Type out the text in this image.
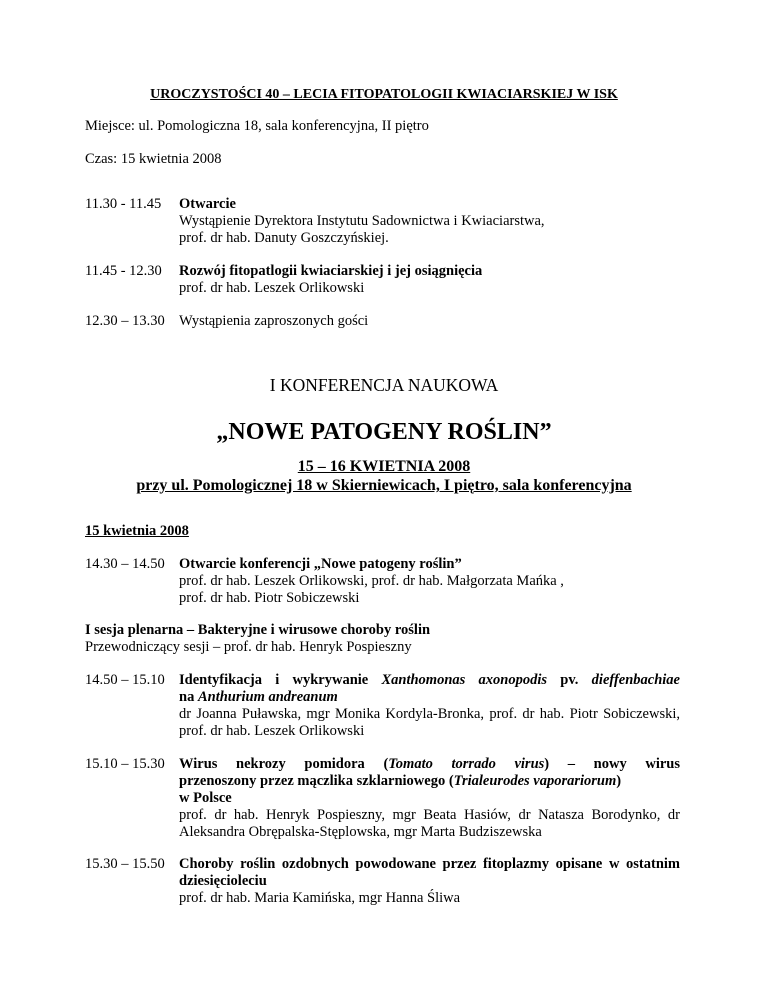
UROCZYSTOŚCI 40 – LECIA FITOPATOLOGII KWIACIARSKIEJ W ISK
Miejsce: ul. Pomologiczna 18, sala konferencyjna, II piętro
Czas: 15 kwietnia 2008
11.30 - 11.45 Otwarcie
Wystąpienie Dyrektora Instytutu Sadownictwa i Kwiaciarstwa,
prof. dr hab. Danuty Goszczyńskiej.
11.45 - 12.30 Rozwój fitopatlogii kwiaciarskiej i jej osiągnięcia
prof. dr hab. Leszek Orlikowski
12.30 – 13.30 Wystąpienia zaproszonych gości
I KONFERENCJA NAUKOWA
„NOWE PATOGENY ROŚLIN”
15 – 16 KWIETNIA 2008
przy ul. Pomologicznej 18 w Skierniewicach, I piętro, sala konferencyjna
15 kwietnia 2008
14.30 – 14.50 Otwarcie konferencji „Nowe patogeny roślin”
prof. dr hab. Leszek Orlikowski, prof. dr hab. Małgorzata Mańka ,
prof. dr hab. Piotr Sobiczewski
I sesja plenarna – Bakteryjne i wirusowe choroby roślin
Przewodniczący sesji – prof. dr hab. Henryk Pospieszny
14.50 – 15.10 Identyfikacja i wykrywanie Xanthomonas axonopodis pv. dieffenbachiae
na Anthurium andreanum
dr Joanna Puławska, mgr Monika Kordyla-Bronka, prof. dr hab. Piotr Sobiczewski, prof. dr hab. Leszek Orlikowski
15.10 – 15.30 Wirus nekrozy pomidora (Tomato torrado virus) – nowy wirus
przenoszony przez mączlika szklarniowego (Trialeurodes vaporariorum)
w Polsce
prof. dr hab. Henryk Pospieszny, mgr Beata Hasiów, dr Natasza Borodynko, dr Aleksandra Obrępalska-Stęplowska, mgr Marta Budziszewska
15.30 – 15.50 Choroby roślin ozdobnych powodowane przez fitoplazmy opisane w ostatnim dziesięcioleciu
prof. dr hab. Maria Kamińska, mgr Hanna Śliwa
